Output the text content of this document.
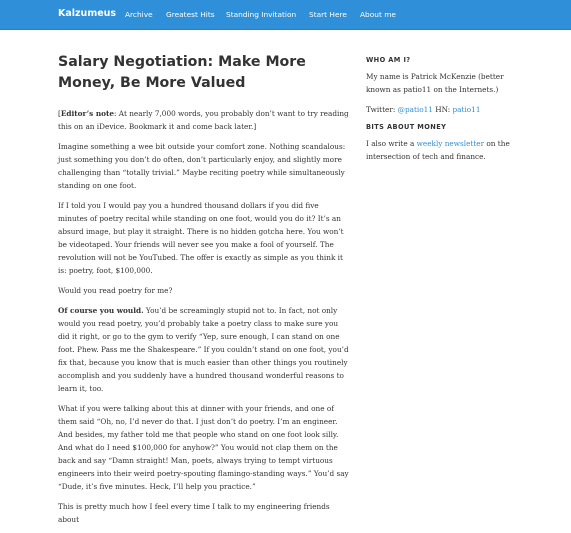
Kalzumeus Archive Greatest Hits Standing Invitation Start Here About me
Salary Negotiation: Make More Money, Be More Valued

[Editor’s note: At nearly 7,000 words, you probably don’t want to try reading this on an iDevice. Bookmark it and come back later.]

Imagine something a wee bit outside your comfort zone. Nothing scandalous: just something you don’t do often, don’t particularly enjoy, and slightly more challenging than “totally trivial.” Maybe reciting poetry while simultaneously standing on one foot.

If I told you I would pay you a hundred thousand dollars if you did five minutes of poetry recital while standing on one foot, would you do it? It’s an absurd image, but play it straight. There is no hidden gotcha here. You won’t be videotaped. Your friends will never see you make a fool of yourself. The revolution will not be YouTubed. The offer is exactly as simple as you think it is: poetry, foot, $100,000.

Would you read poetry for me?

Of course you would. You’d be screamingly stupid not to. In fact, not only would you read poetry, you’d probably take a poetry class to make sure you did it right, or go to the gym to verify “Yep, sure enough, I can stand on one foot. Phew. Pass me the Shakespeare.” If you couldn’t stand on one foot, you’d fix that, because you know that is much easier than other things you routinely accomplish and you suddenly have a hundred thousand wonderful reasons to learn it, too.

What if you were talking about this at dinner with your friends, and one of them said “Oh, no, I’d never do that. I just don’t do poetry. I’m an engineer. And besides, my father told me that people who stand on one foot look silly. And what do I need $100,000 for anyhow?” You would not clap them on the back and say “Damn straight! Man, poets, always trying to tempt virtuous engineers into their weird poetry-spouting flamingo-standing ways.” You’d say “Dude, it’s five minutes. Heck, I’ll help you practice.”

This is pretty much how I feel every time I talk to my engineering friends about

WHO AM I?

My name is Patrick McKenzie (better known as patio11 on the Internets.)

Twitter: @patio11 HN: patio11

BITS ABOUT MONEY

I also write a weekly newsletter on the intersection of tech and finance.
